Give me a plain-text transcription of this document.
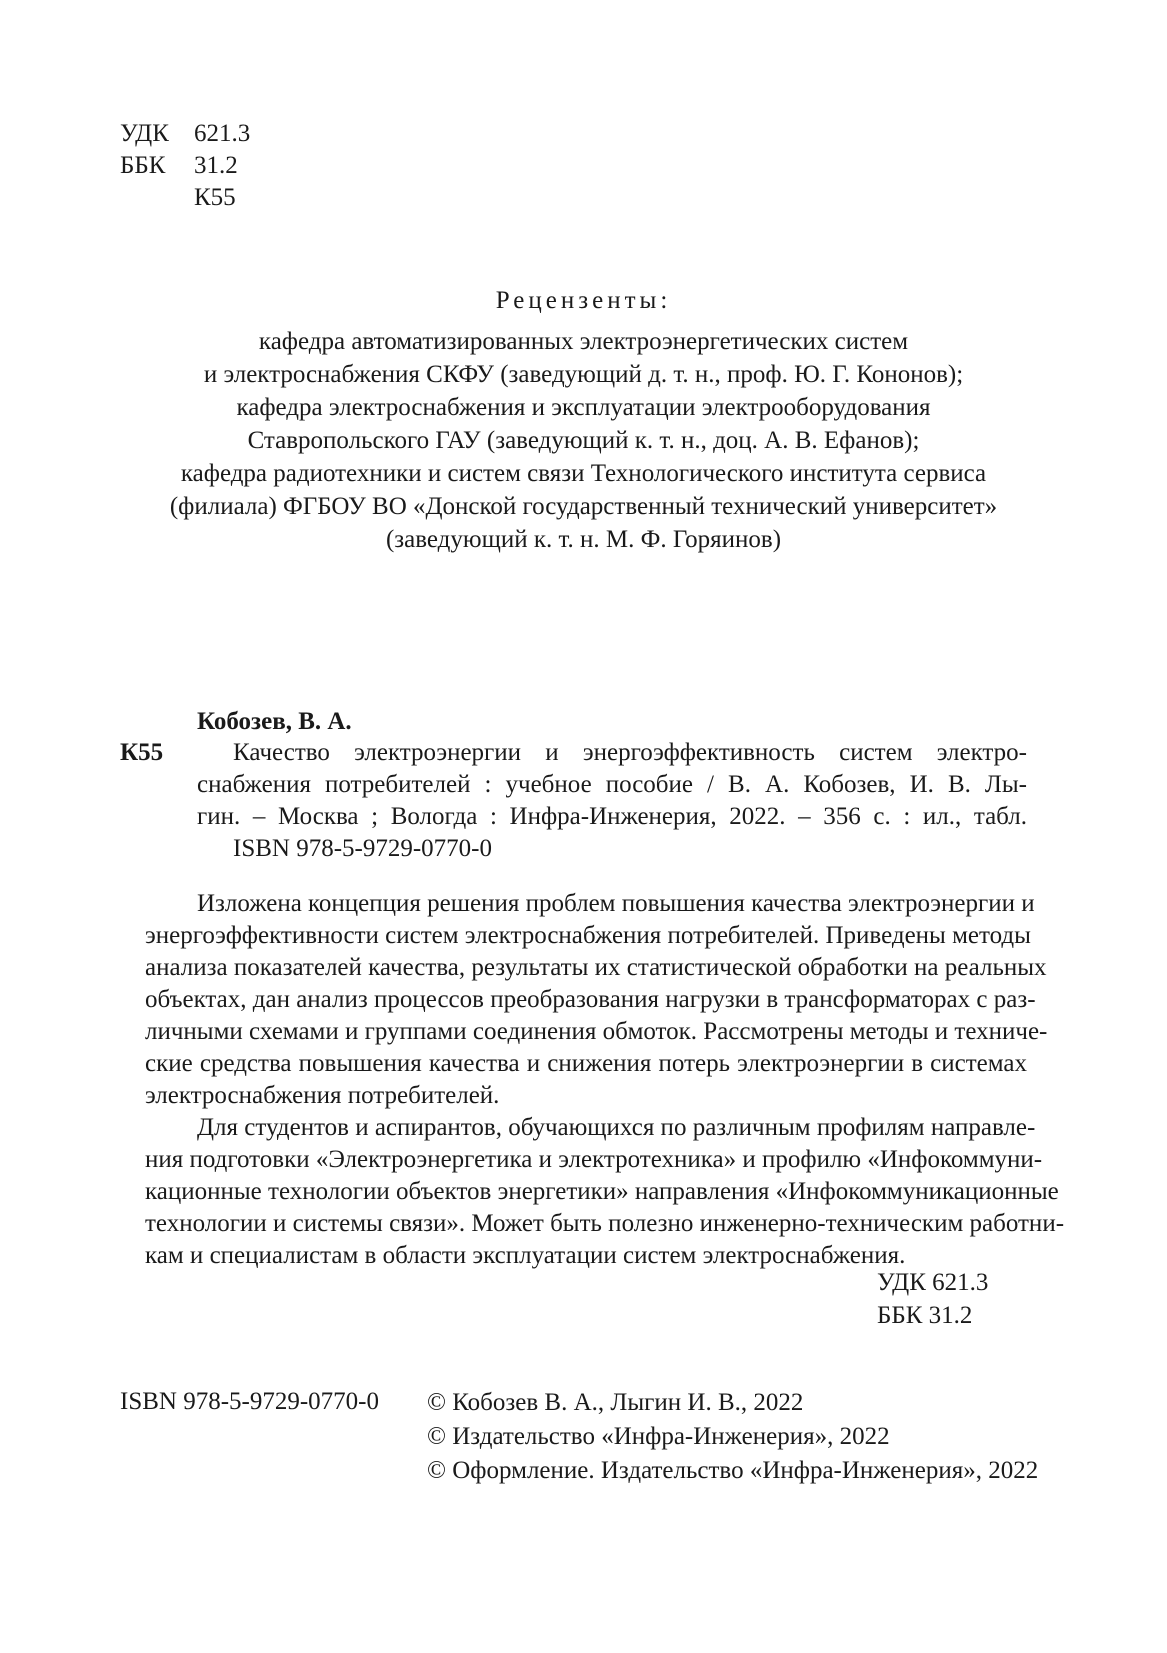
УДК 621.3
ББК 31.2
К55
Рецензенты:
кафедра автоматизированных электроэнергетических систем
и электроснабжения СКФУ (заведующий д. т. н., проф. Ю. Г. Кононов);
кафедра электроснабжения и эксплуатации электрооборудования
Ставропольского ГАУ (заведующий к. т. н., доц. А. В. Ефанов);
кафедра радиотехники и систем связи Технологического института сервиса
(филиала) ФГБОУ ВО «Донской государственный технический университет»
(заведующий к. т. н. М. Ф. Горяинов)
Кобозев, В. А.
К55	Качество электроэнергии и энергоэффективность систем электро-
снабжения потребителей : учебное пособие / В. А. Кобозев, И. В. Лы-
гин. – Москва ; Вологда : Инфра-Инженерия, 2022. – 356 с. : ил., табл.
ISBN 978-5-9729-0770-0
Изложена концепция решения проблем повышения качества электроэнергии и
энергоэффективности систем электроснабжения потребителей. Приведены методы
анализа показателей качества, результаты их статистической обработки на реальных
объектах, дан анализ процессов преобразования нагрузки в трансформаторах с раз-
личными схемами и группами соединения обмоток. Рассмотрены методы и техниче-
ские средства повышения качества и снижения потерь электроэнергии в системах
электроснабжения потребителей.
Для студентов и аспирантов, обучающихся по различным профилям направле-
ния подготовки «Электроэнергетика и электротехника» и профилю «Инфокоммуни-
кационные технологии объектов энергетики» направления «Инфокоммуникационные
технологии и системы связи». Может быть полезно инженерно-техническим работни-
кам и специалистам в области эксплуатации систем электроснабжения.
УДК 621.3
ББК 31.2
ISBN 978-5-9729-0770-0 © Кобозев В. А., Лыгин И. В., 2022
© Издательство «Инфра-Инженерия», 2022
© Оформление. Издательство «Инфра-Инженерия», 2022
